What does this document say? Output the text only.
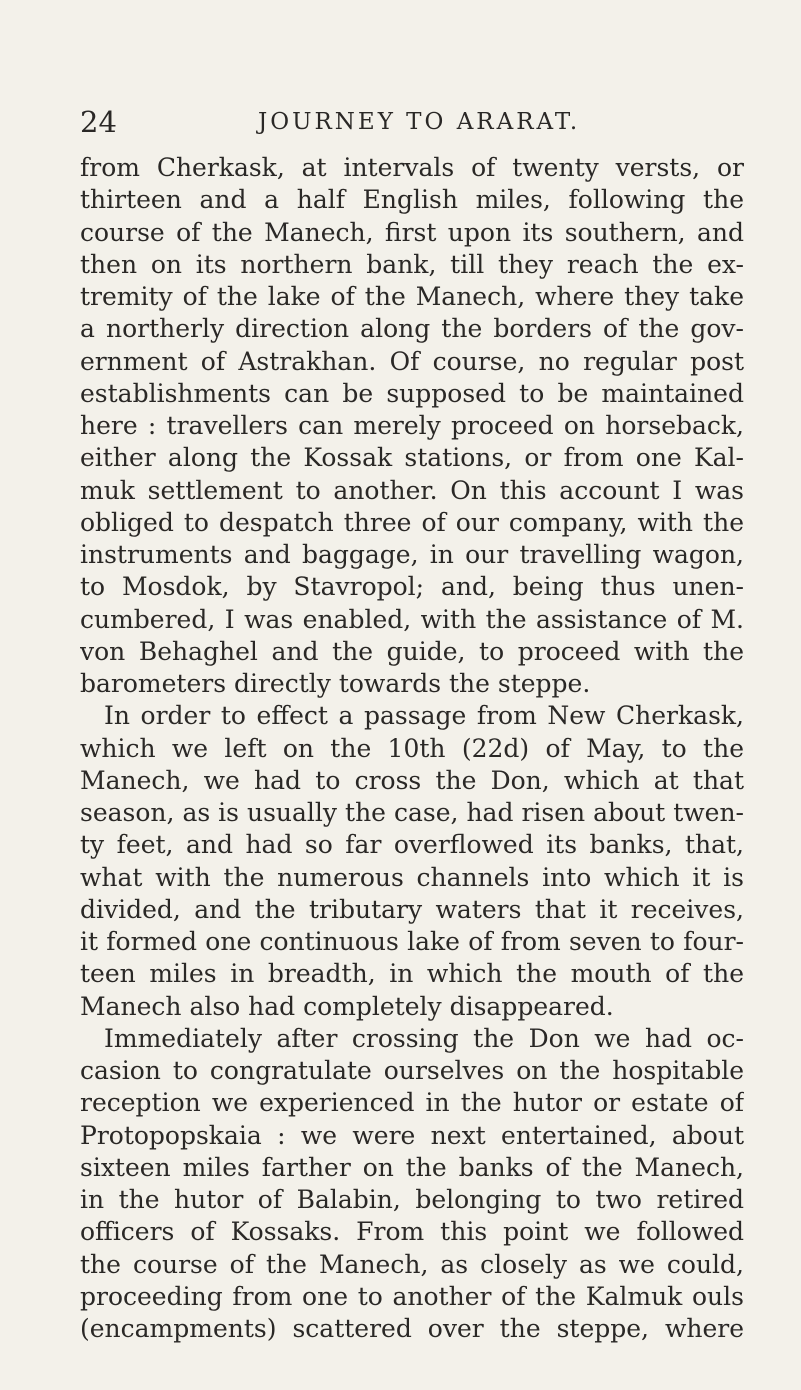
24	JOURNEY TO ARARAT.
from Cherkask, at intervals of twenty versts, or
thirteen and a half English miles, following the
course of the Manech, first upon its southern, and
then on its northern bank, till they reach the ex-
tremity of the lake of the Manech, where they take
a northerly direction along the borders of the gov-
ernment of Astrakhan. Of course, no regular post
establishments can be supposed to be maintained
here : travellers can merely proceed on horseback,
either along the Kossak stations, or from one Kal-
muk settlement to another. On this account I was
obliged to despatch three of our company, with the
instruments and baggage, in our travelling wagon,
to Mosdok, by Stavropol; and, being thus unen-
cumbered, I was enabled, with the assistance of M.
von Behaghel and the guide, to proceed with the
barometers directly towards the steppe.
In order to effect a passage from New Cherkask,
which we left on the 10th (22d) of May, to the
Manech, we had to cross the Don, which at that
season, as is usually the case, had risen about twen-
ty feet, and had so far overflowed its banks, that,
what with the numerous channels into which it is
divided, and the tributary waters that it receives,
it formed one continuous lake of from seven to four-
teen miles in breadth, in which the mouth of the
Manech also had completely disappeared.
Immediately after crossing the Don we had oc-
casion to congratulate ourselves on the hospitable
reception we experienced in the hutor or estate of
Protopopskaia : we were next entertained, about
sixteen miles farther on the banks of the Manech,
in the hutor of Balabin, belonging to two retired
officers of Kossaks. From this point we followed
the course of the Manech, as closely as we could,
proceeding from one to another of the Kalmuk ouls
(encampments) scattered over the steppe, where
